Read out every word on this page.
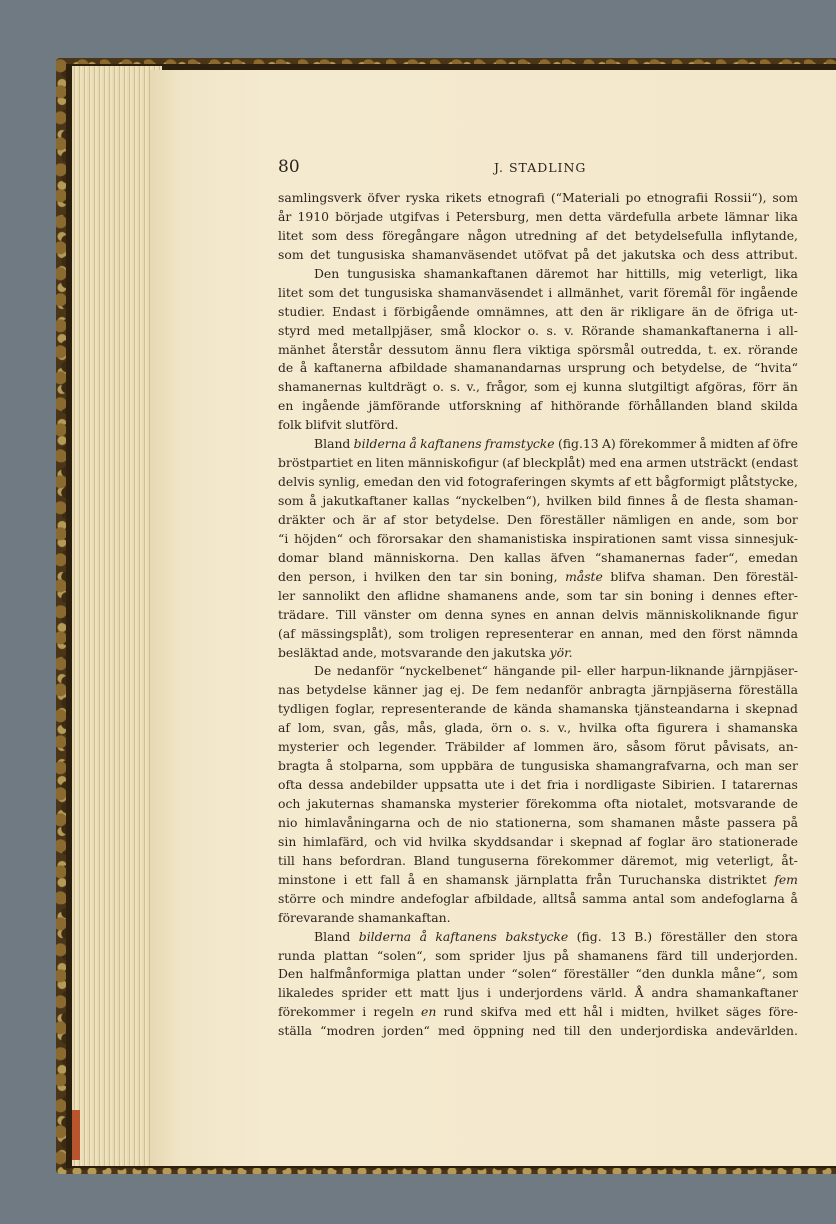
80	J. STADLING
samlingsverk öfver ryska rikets etnografi (“Materiali po etnografii Rossii“), som
år 1910 började utgifvas i Petersburg, men detta värdefulla arbete lämnar lika
litet som dess föregångare någon utredning af det betydelsefulla inflytande,
som det tungusiska shamanväsendet utöfvat på det jakutska och dess attribut.
Den tungusiska shamankaftanen däremot har hittills, mig veterligt, lika
litet som det tungusiska shamanväsendet i allmänhet, varit föremål för ingående
studier. Endast i förbigående omnämnes, att den är rikligare än de öfriga ut-
styrd med metallpjäser, små klockor o. s. v. Rörande shamankaftanerna i all-
mänhet återstår dessutom ännu flera viktiga spörsmål outredda, t. ex. rörande
de å kaftanerna afbildade shamanandarnas ursprung och betydelse, de “hvita“
shamanernas kultdrägt o. s. v., frågor, som ej kunna slutgiltigt afgöras, förr än
en ingående jämförande utforskning af hithörande förhållanden bland skilda
folk blifvit slutförd.
Bland bilderna å kaftanens framstycke (fig.13 A) förekommer å midten af öfre
bröstpartiet en liten människofigur (af bleckplåt) med ena armen utsträckt (endast
delvis synlig, emedan den vid fotograferingen skymts af ett bågformigt plåtstycke,
som å jakutkaftaner kallas “nyckelben“), hvilken bild finnes å de flesta shaman-
dräkter och är af stor betydelse. Den föreställer nämligen en ande, som bor
“i höjden“ och förorsakar den shamanistiska inspirationen samt vissa sinnesjuk-
domar bland människorna. Den kallas äfven “shamanernas fader“, emedan
den person, i hvilken den tar sin boning, måste blifva shaman. Den förestäl-
ler sannolikt den aflidne shamanens ande, som tar sin boning i dennes efter-
trädare. Till vänster om denna synes en annan delvis människoliknande figur
(af mässingsplåt), som troligen representerar en annan, med den först nämnda
besläktad ande, motsvarande den jakutska yör.
De nedanför “nyckelbenet“ hängande pil- eller harpun-liknande järnpjäser-
nas betydelse känner jag ej. De fem nedanför anbragta järnpjäserna föreställa
tydligen foglar, representerande de kända shamanska tjänsteandarna i skepnad
af lom, svan, gås, mås, glada, örn o. s. v., hvilka ofta figurera i shamanska
mysterier och legender. Träbilder af lommen äro, såsom förut påvisats, an-
bragta å stolparna, som uppbära de tungusiska shamangrafvarna, och man ser
ofta dessa andebilder uppsatta ute i det fria i nordligaste Sibirien. I tatarernas
och jakuternas shamanska mysterier förekomma ofta niotalet, motsvarande de
nio himlavåningarna och de nio stationerna, som shamanen måste passera på
sin himlafärd, och vid hvilka skyddsandar i skepnad af foglar äro stationerade
till hans befordran. Bland tunguserna förekommer däremot, mig veterligt, åt-
minstone i ett fall å en shamansk järnplatta från Turuchanska distriktet fem
större och mindre andefoglar afbildade, alltså samma antal som andefoglarna å
förevarande shamankaftan.
Bland bilderna å kaftanens bakstycke (fig. 13 B.) föreställer den stora
runda plattan “solen“, som sprider ljus på shamanens färd till underjorden.
Den halfmånformiga plattan under “solen“ föreställer “den dunkla måne“, som
likaledes sprider ett matt ljus i underjordens värld. Å andra shamankaftaner
förekommer i regeln en rund skifva med ett hål i midten, hvilket säges före-
ställa “modren jorden“ med öppning ned till den underjordiska andevärlden.
